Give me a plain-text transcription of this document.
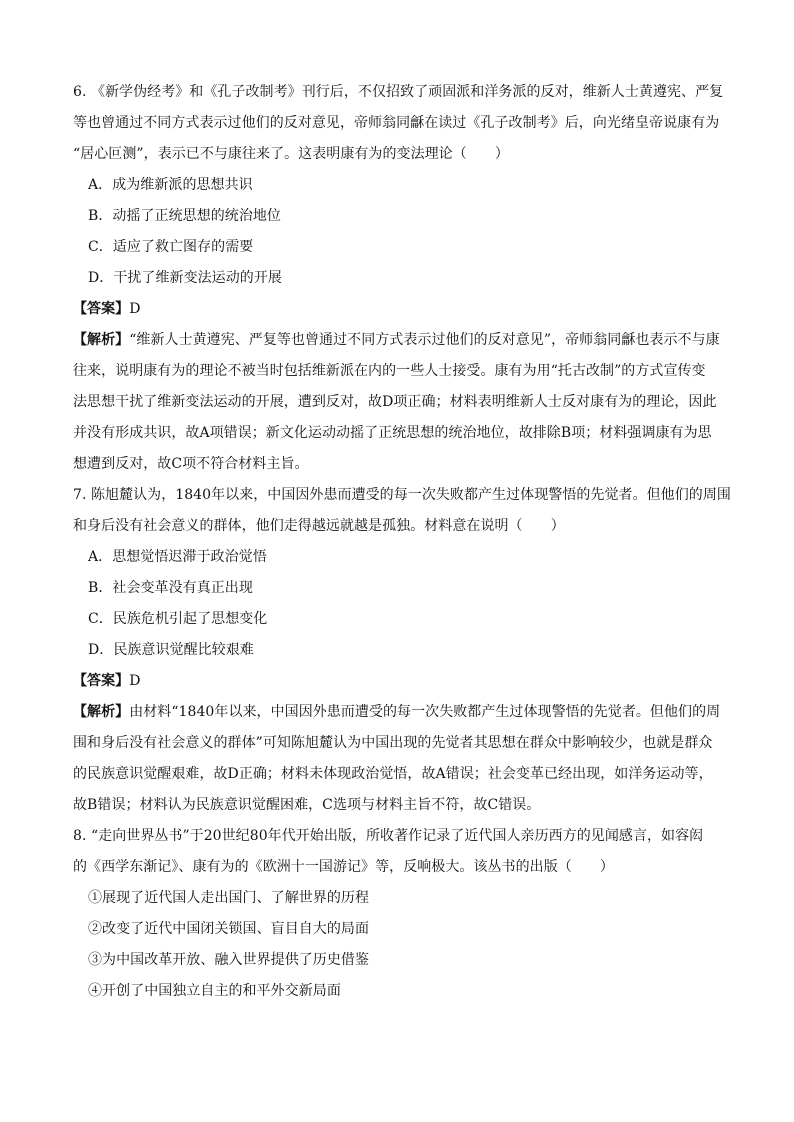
6. 《新学伪经考》和《孔子改制考》刊行后，不仅招致了顽固派和洋务派的反对，维新人士黄遵宪、严复
等也曾通过不同方式表示过他们的反对意见，帝师翁同龢在读过《孔子改制考》后，向光绪皇帝说康有为
“居心叵测”，表示已不与康往来了。这表明康有为的变法理论（　　）
A．成为维新派的思想共识
B．动摇了正统思想的统治地位
C．适应了救亡图存的需要
D．干扰了维新变法运动的开展
【答案】D
【解析】“维新人士黄遵宪、严复等也曾通过不同方式表示过他们的反对意见”，帝师翁同龢也表示不与康
往来，说明康有为的理论不被当时包括维新派在内的一些人士接受。康有为用“托古改制”的方式宣传变
法思想干扰了维新变法运动的开展，遭到反对，故D项正确；材料表明维新人士反对康有为的理论，因此
并没有形成共识，故A项错误；新文化运动动摇了正统思想的统治地位，故排除B项；材料强调康有为思
想遭到反对，故C项不符合材料主旨。
7. 陈旭麓认为，1840年以来，中国因外患而遭受的每一次失败都产生过体现警悟的先觉者。但他们的周围
和身后没有社会意义的群体，他们走得越远就越是孤独。材料意在说明（　　）
A．思想觉悟迟滞于政治觉悟
B．社会变革没有真正出现
C．民族危机引起了思想变化
D．民族意识觉醒比较艰难
【答案】D
【解析】由材料“1840年以来，中国因外患而遭受的每一次失败都产生过体现警悟的先觉者。但他们的周
围和身后没有社会意义的群体”可知陈旭麓认为中国出现的先觉者其思想在群众中影响较少，也就是群众
的民族意识觉醒艰难，故D正确；材料未体现政治觉悟，故A错误；社会变革已经出现，如洋务运动等，
故B错误；材料认为民族意识觉醒困难，C选项与材料主旨不符，故C错误。
8. “走向世界丛书”于20世纪80年代开始出版，所收著作记录了近代国人亲历西方的见闻感言，如容闳
的《西学东渐记》、康有为的《欧洲十一国游记》等，反响极大。该丛书的出版（　　）
①展现了近代国人走出国门、了解世界的历程
②改变了近代中国闭关锁国、盲目自大的局面
③为中国改革开放、融入世界提供了历史借鉴
④开创了中国独立自主的和平外交新局面
